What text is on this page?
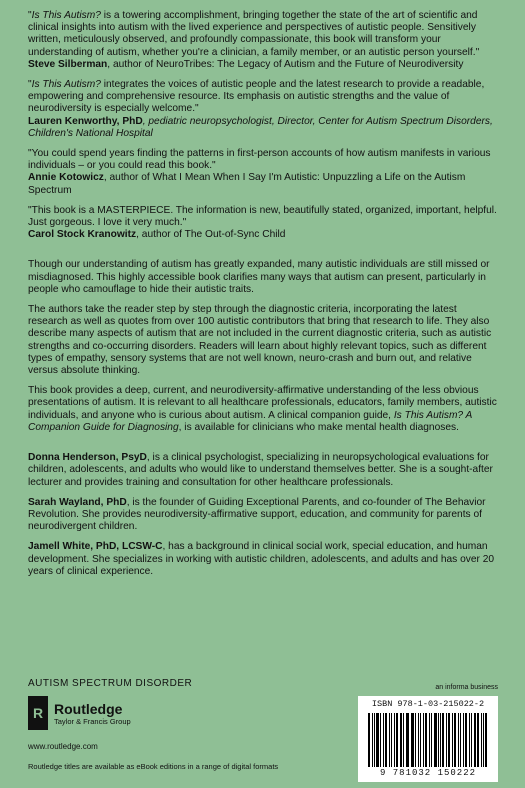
"Is This Autism? is a towering accomplishment, bringing together the state of the art of scientific and clinical insights into autism with the lived experience and perspectives of autistic people. Sensitively written, meticulously observed, and profoundly compassionate, this book will transform your understanding of autism, whether you're a clinician, a family member, or an autistic person yourself."

Steve Silberman, author of NeuroTribes: The Legacy of Autism and the Future of Neurodiversity

"Is This Autism? integrates the voices of autistic people and the latest research to provide a readable, empowering and comprehensive resource. Its emphasis on autistic strengths and the value of neurodiversity is especially welcome."

Lauren Kenworthy, PhD, pediatric neuropsychologist, Director, Center for Autism Spectrum Disorders, Children's National Hospital

"You could spend years finding the patterns in first-person accounts of how autism manifests in various individuals – or you could read this book."

Annie Kotowicz, author of What I Mean When I Say I'm Autistic: Unpuzzling a Life on the Autism Spectrum

"This book is a MASTERPIECE. The information is new, beautifully stated, organized, important, helpful. Just gorgeous. I love it very much."

Carol Stock Kranowitz, author of The Out-of-Sync Child

Though our understanding of autism has greatly expanded, many autistic individuals are still missed or misdiagnosed. This highly accessible book clarifies many ways that autism can present, particularly in people who camouflage to hide their autistic traits.

The authors take the reader step by step through the diagnostic criteria, incorporating the latest research as well as quotes from over 100 autistic contributors that bring that research to life. They also describe many aspects of autism that are not included in the current diagnostic criteria, such as autistic strengths and co-occurring disorders. Readers will learn about highly relevant topics, such as different types of empathy, sensory systems that are not well known, neuro-crash and burn out, and relative versus absolute thinking.

This book provides a deep, current, and neurodiversity-affirmative understanding of the less obvious presentations of autism. It is relevant to all healthcare professionals, educators, family members, autistic individuals, and anyone who is curious about autism. A clinical companion guide, Is This Autism? A Companion Guide for Diagnosing, is available for clinicians who make mental health diagnoses.

Donna Henderson, PsyD, is a clinical psychologist, specializing in neuropsychological evaluations for children, adolescents, and adults who would like to understand themselves better. She is a sought-after lecturer and provides training and consultation for other healthcare professionals.

Sarah Wayland, PhD, is the founder of Guiding Exceptional Parents, and co-founder of The Behavior Revolution. She provides neurodiversity-affirmative support, education, and community for parents of neurodivergent children.

Jamell White, PhD, LCSW-C, has a background in clinical social work, special education, and human development. She specializes in working with autistic children, adolescents, and adults and has over 20 years of clinical experience.

AUTISM SPECTRUM DISORDER
R Routledge
Taylor & Francis Group
www.routledge.com
Routledge titles are available as eBook editions in a range of digital formats
an informa business
ISBN 978-1-03-215022-2
9 781032 150222
